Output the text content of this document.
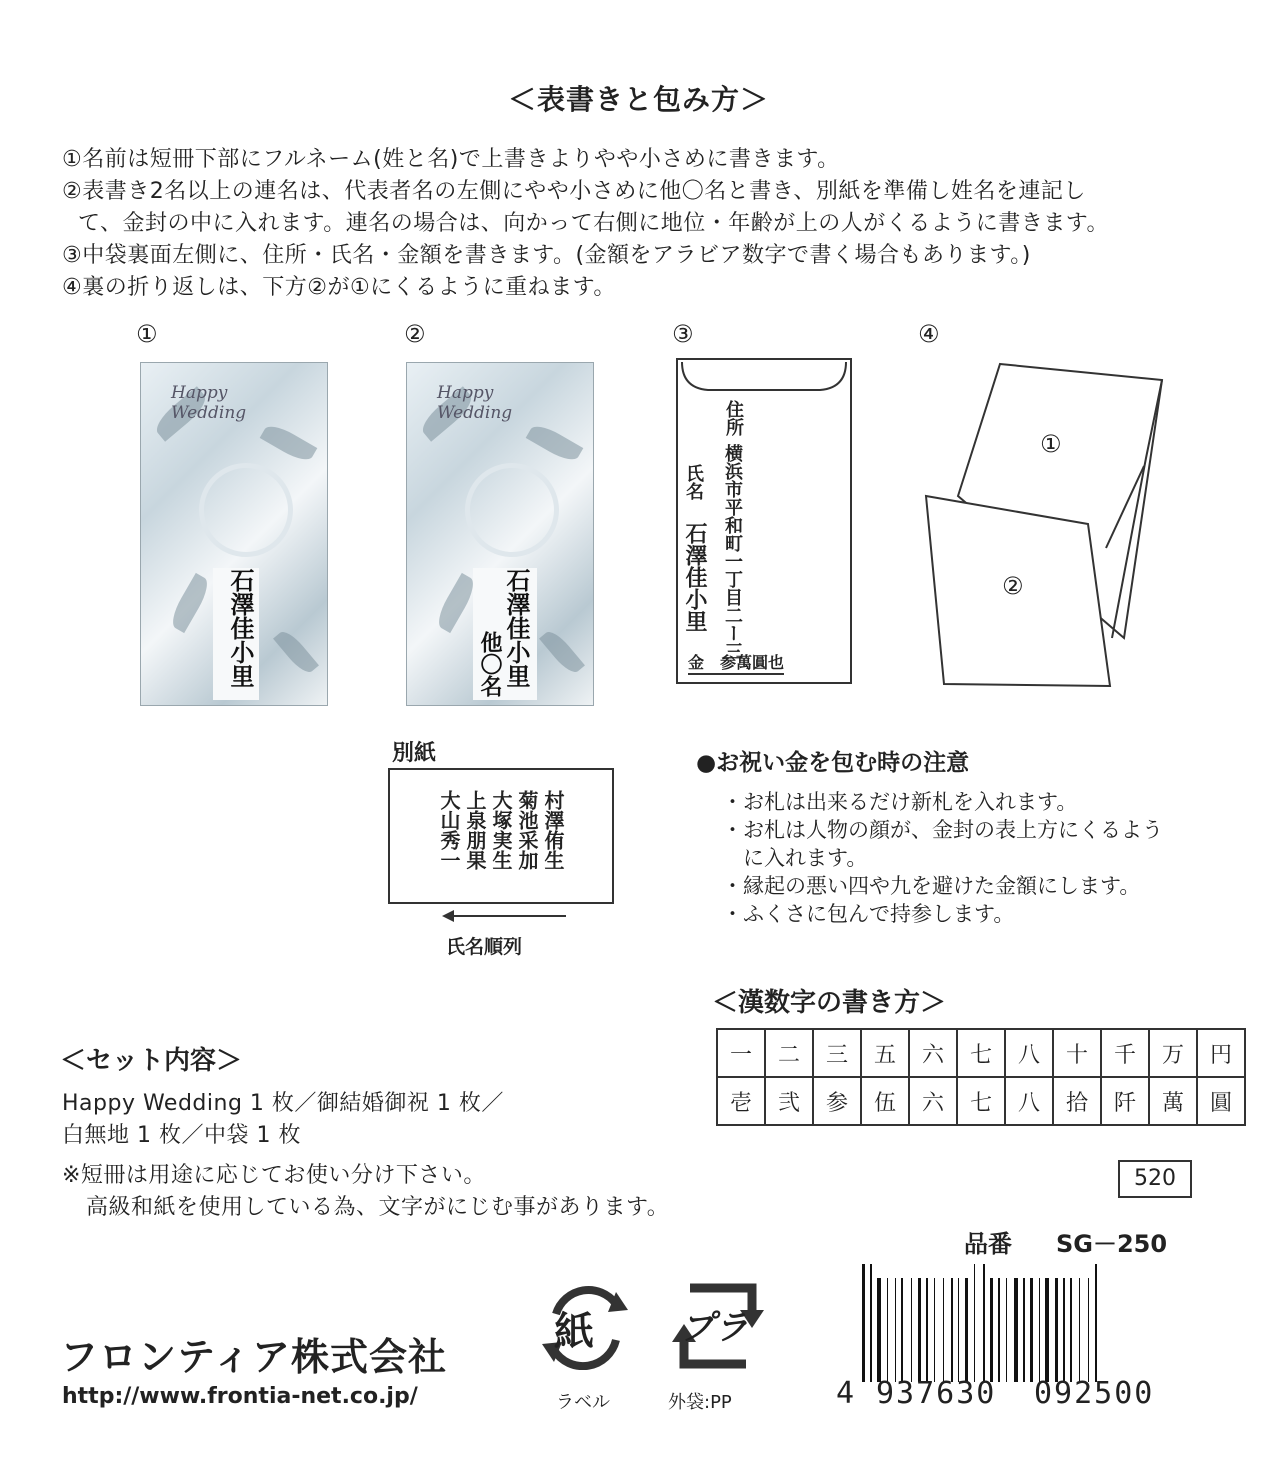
＜表書きと包み方＞
①名前は短冊下部にフルネーム(姓と名)で上書きよりやや小さめに書きます。
②表書き2名以上の連名は、代表者名の左側にやや小さめに他〇名と書き、別紙を準備し姓名を連記し
て、金封の中に入れます。連名の場合は、向かって右側に地位・年齢が上の人がくるように書きます。
③中袋裏面左側に、住所・氏名・金額を書きます。(金額をアラビア数字で書く場合もあります。)
④裏の折り返しは、下方②が①にくるように重ねます。
①	②	③	④
Happy Wedding
石澤佳小里
Happy Wedding
石澤佳小里
他〇名
住所
横浜市平和町一丁目二ー三
氏名
石澤佳小里
金　参萬圓也
①
②
別紙
村澤侑生
菊池采加
大塚実生
上泉朋果
大山秀一
氏名順列
●お祝い金を包む時の注意
・お札は出来るだけ新札を入れます。
・お札は人物の顔が、金封の表上方にくるよう
　に入れます。
・縁起の悪い四や九を避けた金額にします。
・ふくさに包んで持参します。
＜漢数字の書き方＞
一	二	三	五	六	七	八	十	千	万	円
壱	弐	参	伍	六	七	八	拾	阡	萬	圓
＜セット内容＞
Happy Wedding 1 枚／御結婚御祝 1 枚／
白無地 1 枚／中袋 1 枚
※短冊は用途に応じてお使い分け下さい。
高級和紙を使用している為、文字がにじむ事があります。
520
品番 SG－250
フロンティア株式会社
http://www.frontia-net.co.jp/
紙
ラベル
プラ
外袋:PP	4 937630 092500
